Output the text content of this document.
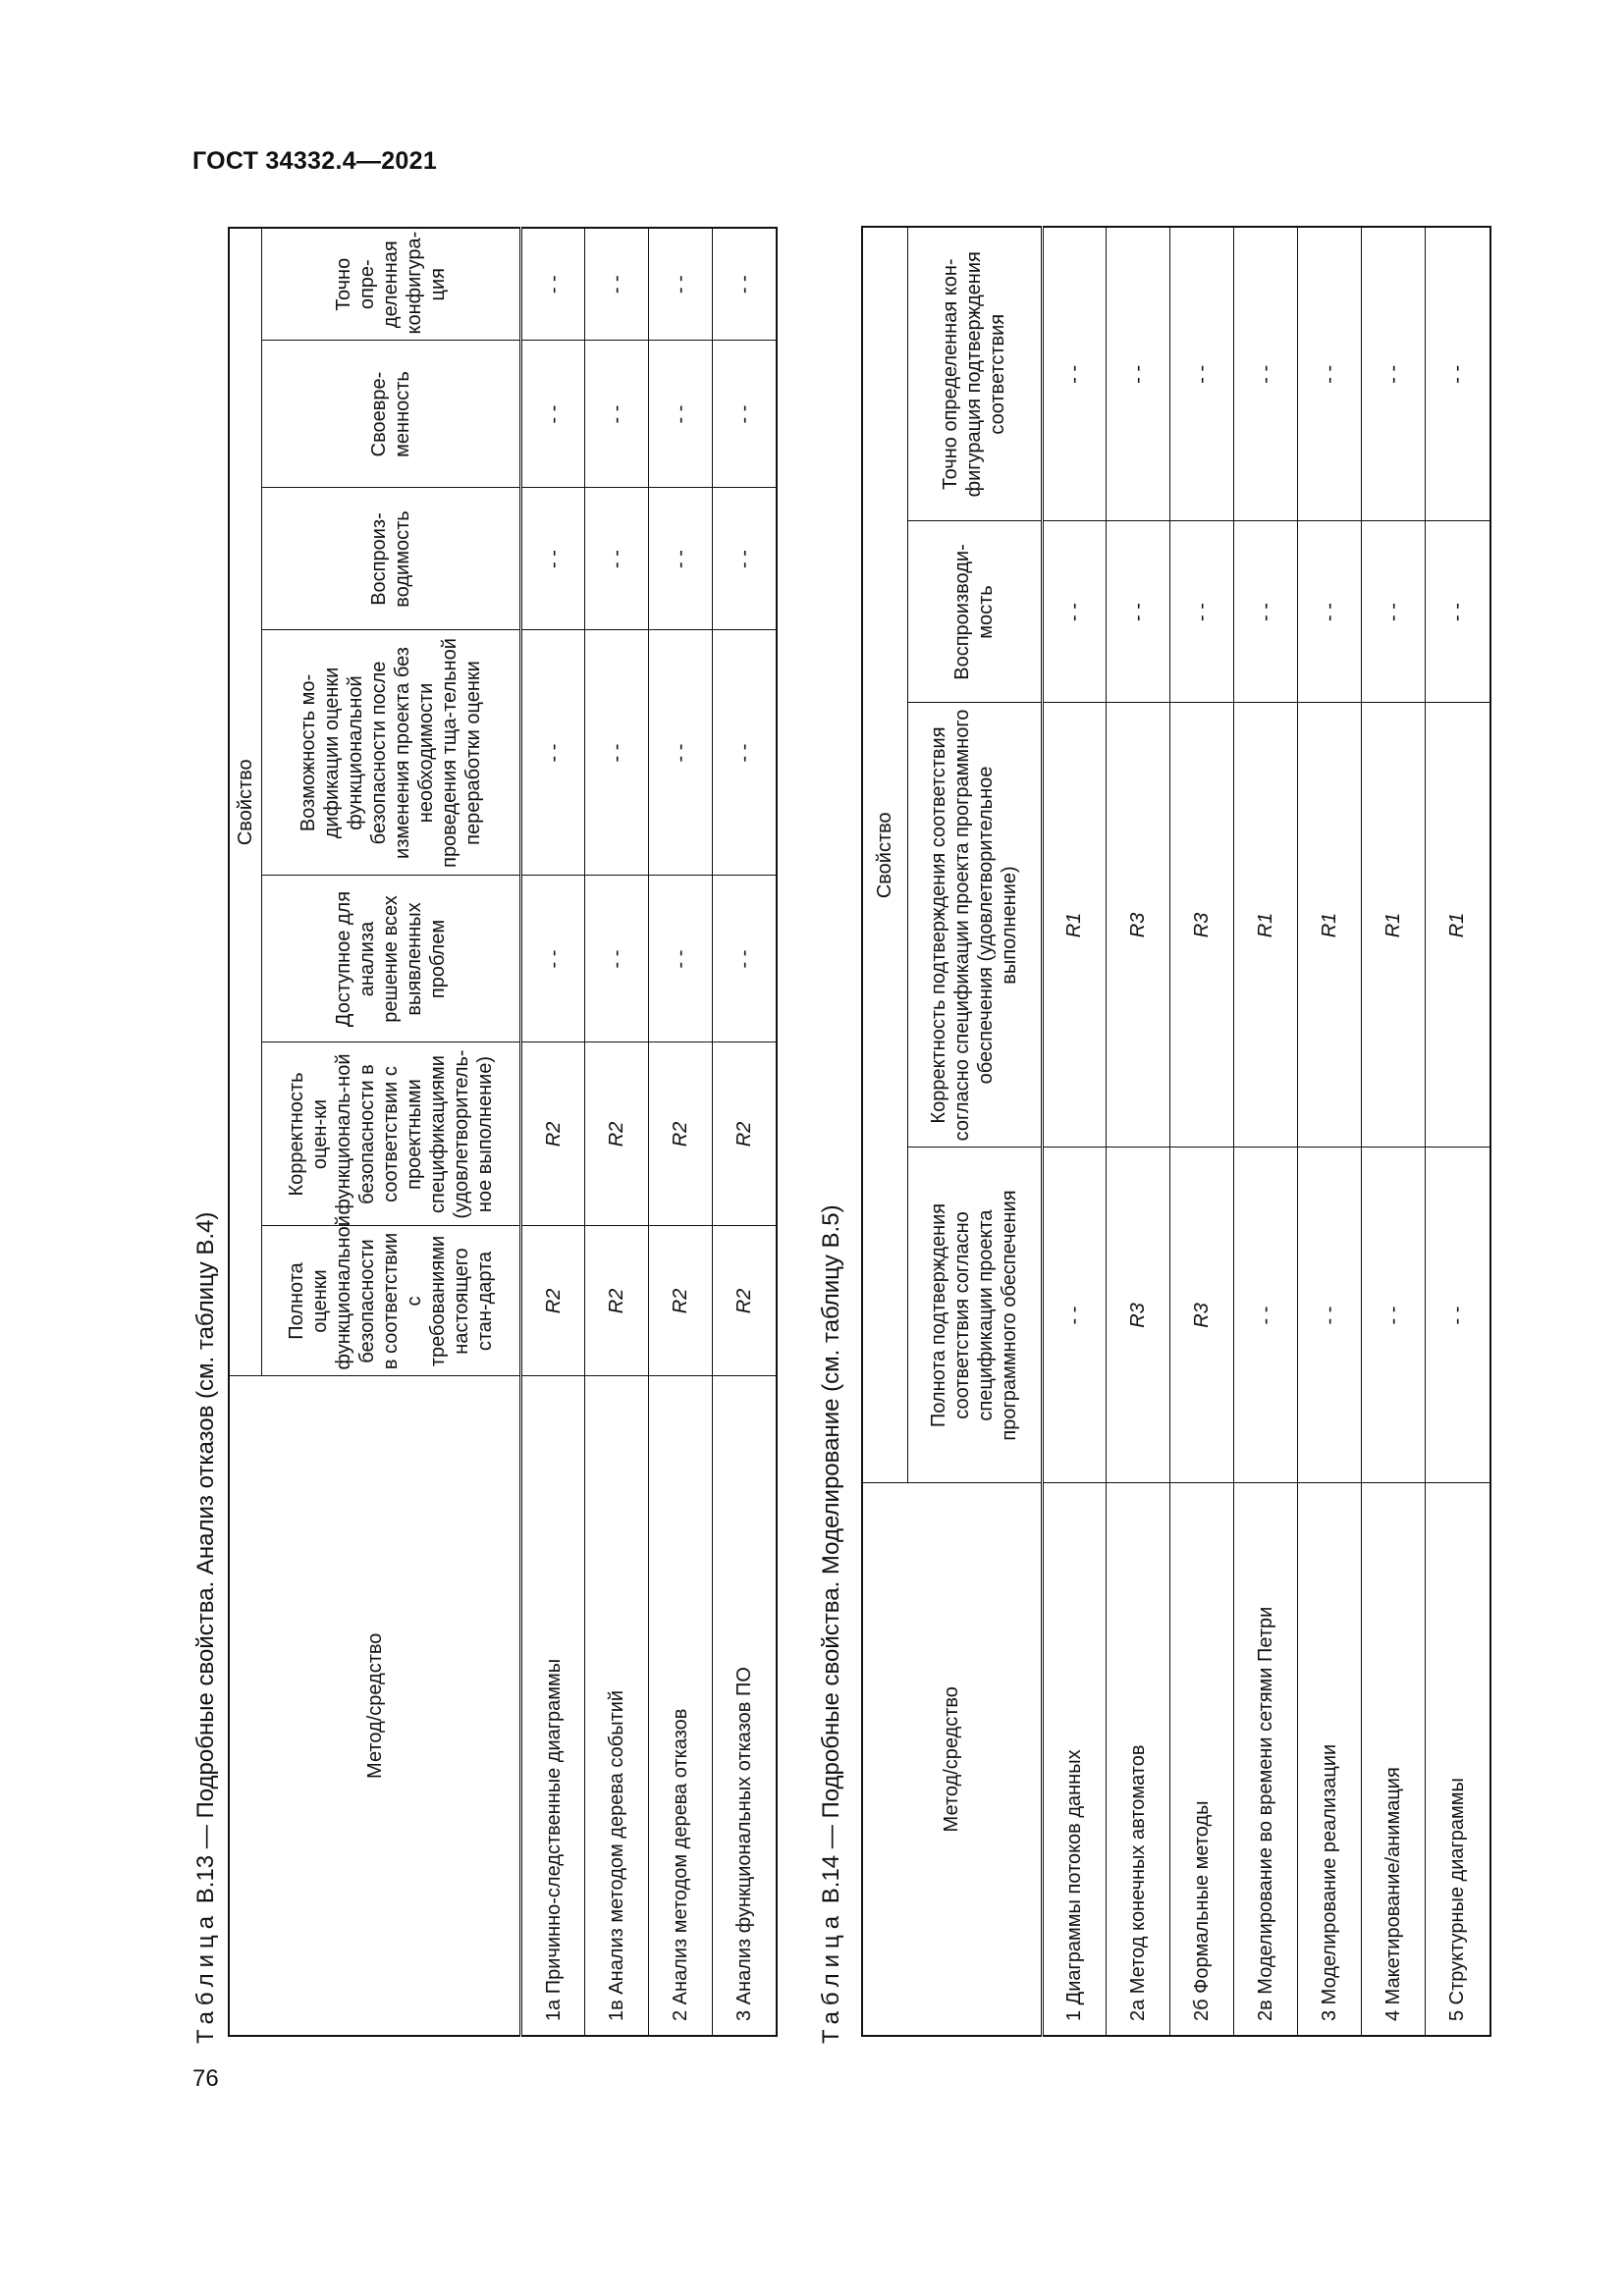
ГОСТ 34332.4—2021
76
Таблица В.13 — Подробные свойства. Анализ отказов (см. таблицу В.4)	Метод/средство	Свойство						
	Полнота оценки функциональной безопасности в соответствии с требованиями настоящего стан-дарта	Корректность оцен-ки функциональ-ной безопасности в соответствии с проектными спецификациями (удовлетворитель-ное выполнение)	Доступное для анализа решение всех выявленных проблем	Возможность мо-дификации оценки функциональной безопасности после изменения проекта без необходимости проведения тща-тельной переработки оценки	Воспроиз-водимость	Своевре-менность	Точно опре-деленная конфигура-ция
1а Причинно-следственные диаграммы	R2	R2	- -	- -	- -	- -	- -
1в Анализ методом дерева событий	R2	R2	- -	- -	- -	- -	- -
2 Анализ методом дерева отказов	R2	R2	- -	- -	- -	- -	- -
3 Анализ функциональных отказов ПО	R2	R2	- -	- -	- -	- -	- -
Таблица В.14 — Подробные свойства. Моделирование (см. таблицу В.5)	Метод/средство	Свойство			
	Полнота подтверждения соответствия согласно спецификации проекта программного обеспечения	Корректность подтверждения соответствия согласно спецификации проекта программного обеспечения (удовлетворительное выполнение)	Воспроизводи-мость	Точно определенная кон-фигурация подтверждения соответствия
1 Диаграммы потоков данных	- -	R1	- -	- -
2а Метод конечных автоматов	R3	R3	- -	- -
2б Формальные методы	R3	R3	- -	- -
2в Моделирование во времени сетями Петри	- -	R1	- -	- -
3 Моделирование реализации	- -	R1	- -	- -
4 Макетирование/анимация	- -	R1	- -	- -
5 Структурные диаграммы	- -	R1	- -	- -
